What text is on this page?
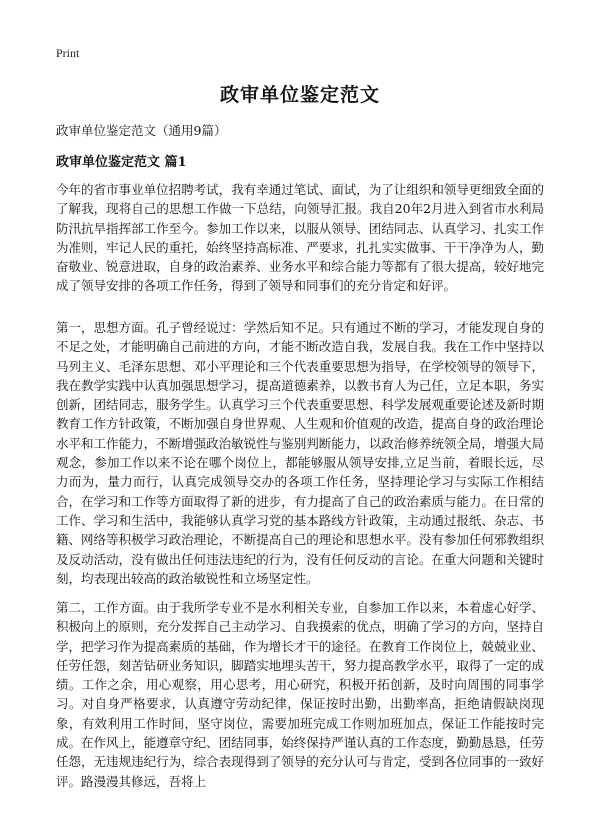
Print
政审单位鉴定范文

政审单位鉴定范文（通用9篇）

政审单位鉴定范文 篇1

今年的省市事业单位招聘考试，我有幸通过笔试、面试，为了让组织和领导更细致全面的了解我，现将自己的思想工作做一下总结，向领导汇报。我自20年2月进入到省市水利局防汛抗旱指挥部工作至今。参加工作以来，以服从领导、团结同志、认真学习、扎实工作为准则，牢记人民的重托，始终坚持高标准、严要求，扎扎实实做事、干干净净为人，勤奋敬业、锐意进取，自身的政治素养、业务水平和综合能力等都有了很大提高，较好地完成了领导安排的各项工作任务，得到了领导和同事们的充分肯定和好评。

第一，思想方面。孔子曾经说过：学然后知不足。只有通过不断的学习，才能发现自身的不足之处，才能明确自己前进的方向，才能不断改造自我，发展自我。我在工作中坚持以马列主义、毛泽东思想、邓小平理论和三个代表重要思想为指导，在学校领导的领导下，我在教学实践中认真加强思想学习，提高道德素养，以教书育人为己任，立足本职，务实创新，团结同志，服务学生。认真学习三个代表重要思想、科学发展观重要论述及新时期教育工作方针政策，不断加强自身世界观、人生观和价值观的改造，提高自身的政治理论水平和工作能力，不断增强政治敏锐性与鉴别判断能力，以政治修养统领全局，增强大局观念，参加工作以来不论在哪个岗位上，都能够服从领导安排,立足当前，着眼长远，尽力而为，量力而行，认真完成领导交办的各项工作任务，坚持理论学习与实际工作相结合，在学习和工作等方面取得了新的进步，有力提高了自己的政治素质与能力。在日常的工作、学习和生活中，我能够认真学习党的基本路线方针政策，主动通过报纸、杂志、书籍、网络等积极学习政治理论，不断提高自己的理论和思想水平。没有参加任何邪教组织及反动活动，没有做出任何违法违纪的行为，没有任何反动的言论。在重大问题和关键时刻，均表现出较高的政治敏锐性和立场坚定性。

第二，工作方面。由于我所学专业不是水利相关专业，自参加工作以来，本着虚心好学、积极向上的原则，充分发挥自己主动学习、自我摸索的优点，明确了学习的方向，坚持自学，把学习作为提高素质的基础，作为增长才干的途径。在教育工作岗位上，兢兢业业、任劳任怨，刻苦钻研业务知识，脚踏实地埋头苦干，努力提高教学水平，取得了一定的成绩。工作之余，用心观察，用心思考，用心研究，积极开拓创新，及时向周围的同事学习。对自身严格要求，认真遵守劳动纪律，保证按时出勤，出勤率高，拒绝请假缺岗现象，有效利用工作时间，坚守岗位，需要加班完成工作则加班加点，保证工作能按时完成。在作风上，能遵章守纪、团结同事，始终保持严谨认真的工作态度，勤勤恳恳，任劳任怨，无违规违纪行为，综合表现得到了领导的充分认可与肯定，受到各位同事的一致好评。路漫漫其修远，吾将上
